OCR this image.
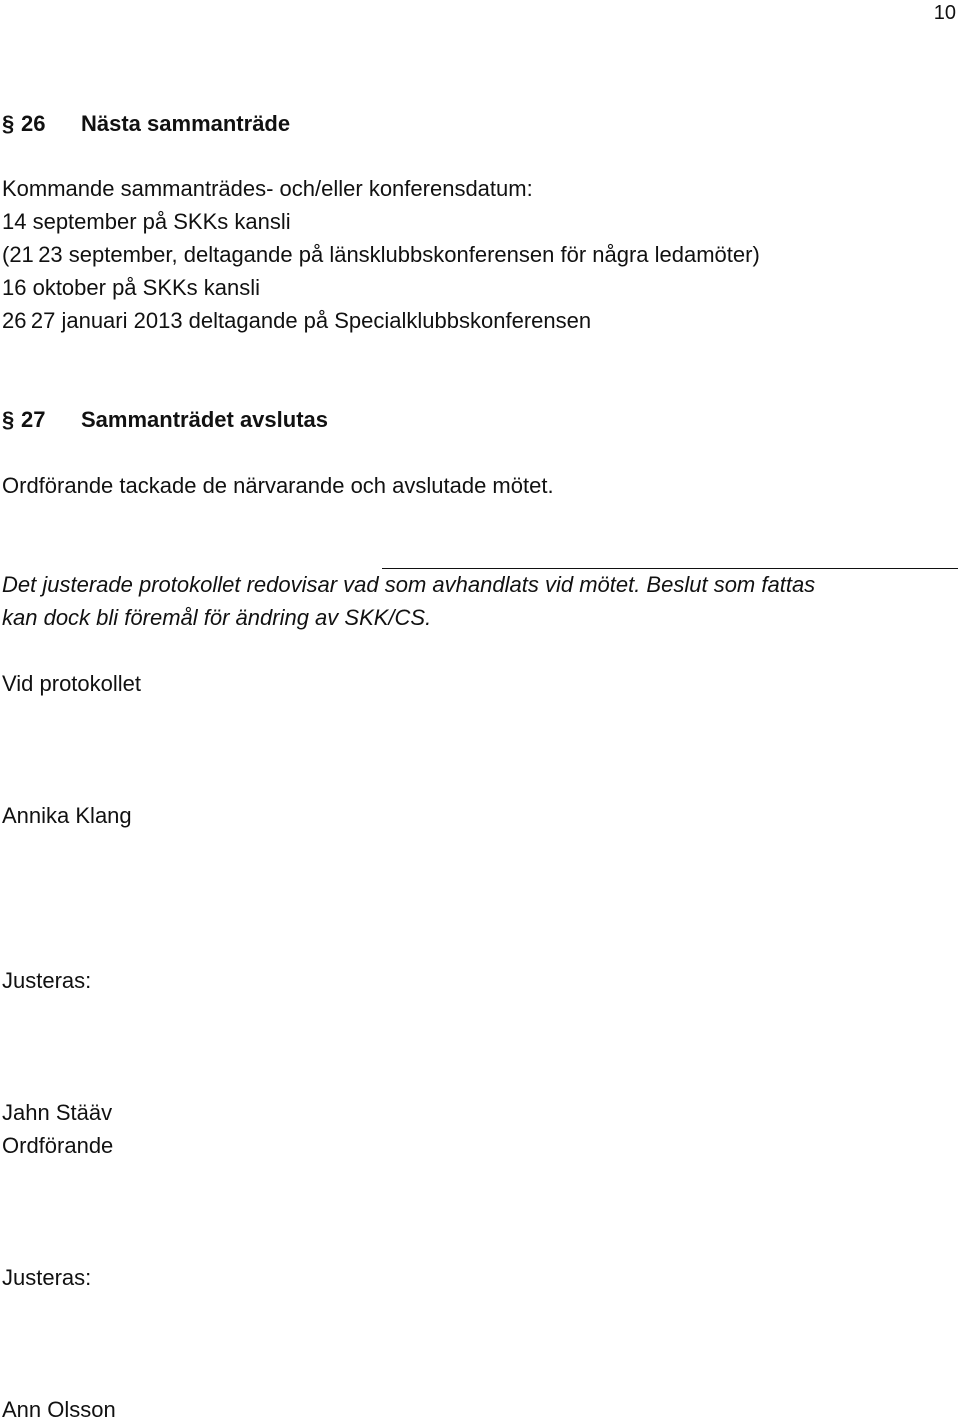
10
§ 26 Nästa sammanträde
Kommande sammanträdes- och/eller konferensdatum:
14 september på SKKs kansli
(21 23 september, deltagande på länsklubbskonferensen för några ledamöter)
16 oktober på SKKs kansli
26 27 januari 2013 deltagande på Specialklubbskonferensen
§ 27 Sammanträdet avslutas
Ordförande tackade de närvarande och avslutade mötet.
Det justerade protokollet redovisar vad som avhandlats vid mötet. Beslut som fattas
kan dock bli föremål för ändring av SKK/CS.
Vid protokollet
Annika Klang
Justeras:
Jahn Stääv
Ordförande
Justeras:
Ann Olsson
